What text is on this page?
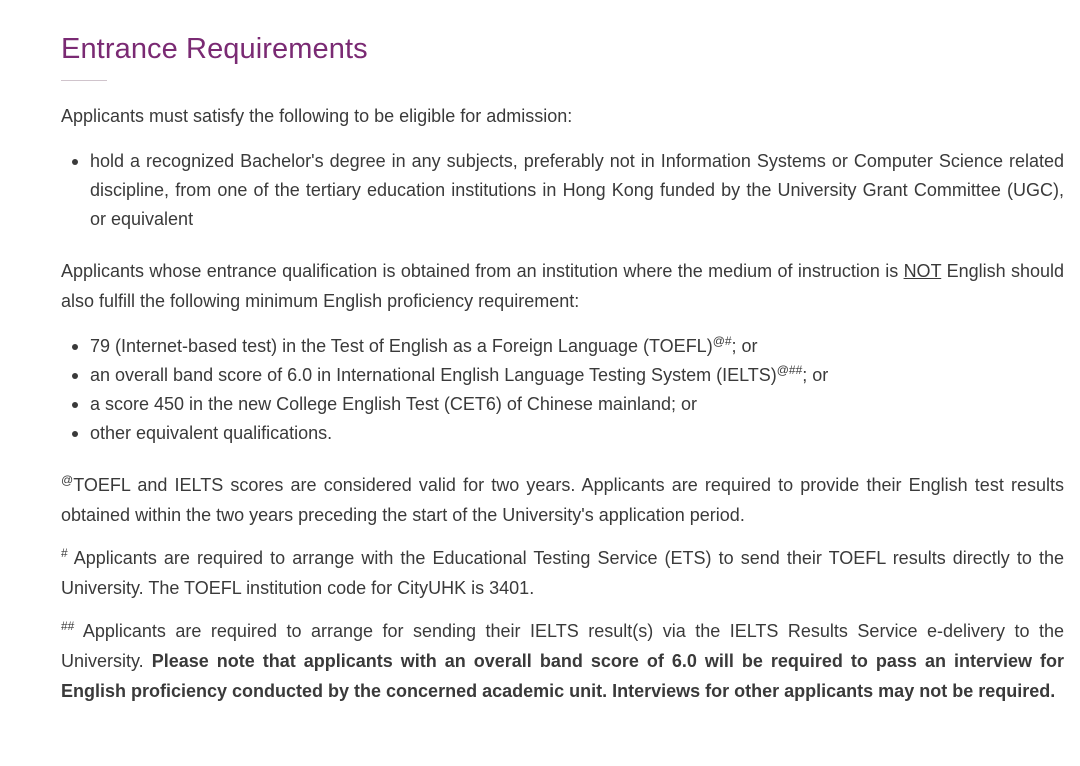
Entrance Requirements

Applicants must satisfy the following to be eligible for admission:

hold a recognized Bachelor's degree in any subjects, preferably not in Information Systems or Computer Science related discipline, from one of the tertiary education institutions in Hong Kong funded by the University Grant Committee (UGC), or equivalent

Applicants whose entrance qualification is obtained from an institution where the medium of instruction is NOT English should also fulfill the following minimum English proficiency requirement:

79 (Internet-based test) in the Test of English as a Foreign Language (TOEFL)@#; or
an overall band score of 6.0 in International English Language Testing System (IELTS)@##; or
a score 450 in the new College English Test (CET6) of Chinese mainland; or
other equivalent qualifications.

@TOEFL and IELTS scores are considered valid for two years. Applicants are required to provide their English test results obtained within the two years preceding the start of the University's application period.

# Applicants are required to arrange with the Educational Testing Service (ETS) to send their TOEFL results directly to the University. The TOEFL institution code for CityUHK is 3401.

## Applicants are required to arrange for sending their IELTS result(s) via the IELTS Results Service e-delivery to the University. Please note that applicants with an overall band score of 6.0 will be required to pass an interview for English proficiency conducted by the concerned academic unit. Interviews for other applicants may not be required.
